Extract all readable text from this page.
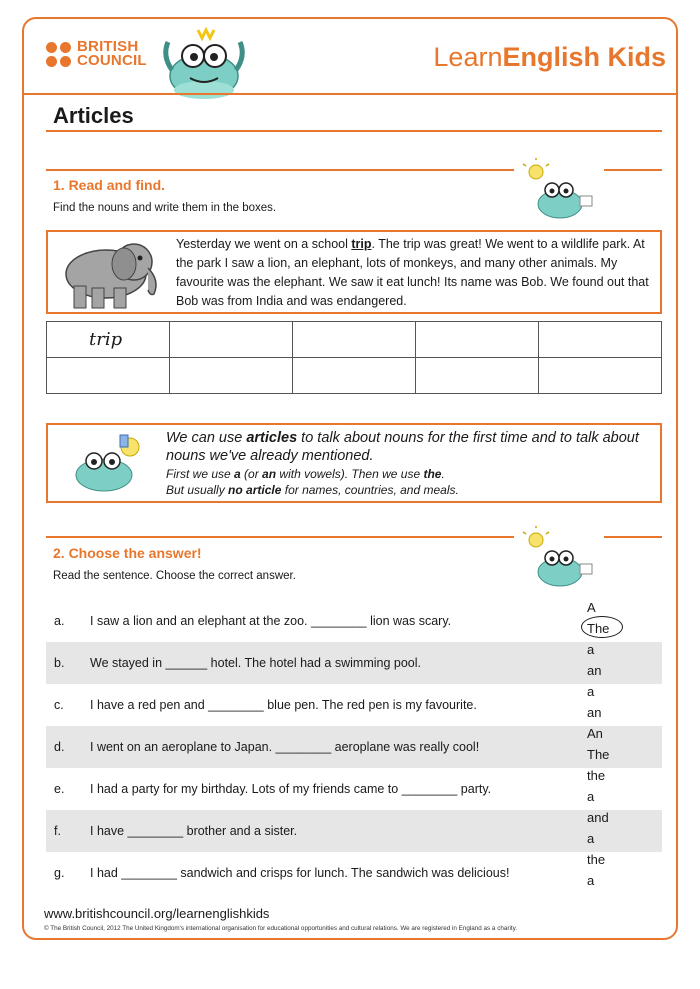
BRITISH
COUNCIL	LearnEnglish Kids
Articles
1. Read and find.
Find the nouns and write them in the boxes.
Yesterday we went on a school trip. The trip was great! We went to a wildlife park. At the park I saw a lion, an elephant, lots of monkeys, and many other animals. My favourite was the elephant. We saw it eat lunch! Its name was Bob. We found out that Bob was from India and was endangered.
trip				

We can use articles to talk about nouns for the first time and to talk about nouns we've already mentioned.
First we use a (or an with vowels). Then we use the.
But usually no article for names, countries, and meals.
2. Choose the answer!
Read the sentence. Choose the correct answer.
a. I saw a lion and an elephant at the zoo. ________ lion was scary.
A
The
b. We stayed in ______ hotel. The hotel had a swimming pool.
a
an
c. I have a red pen and ________ blue pen. The red pen is my favourite.
a
an
d. I went on an aeroplane to Japan. ________ aeroplane was really cool!
An
The
e. I had a party for my birthday. Lots of my friends came to ________ party.
the
a
f. I have ________ brother and a sister.
and
a
g. I had ________ sandwich and crisps for lunch. The sandwich was delicious!
the
a
www.britishcouncil.org/learnenglishkids
© The British Council, 2012 The United Kingdom's international organisation for educational opportunities and cultural relations. We are registered in England as a charity.
